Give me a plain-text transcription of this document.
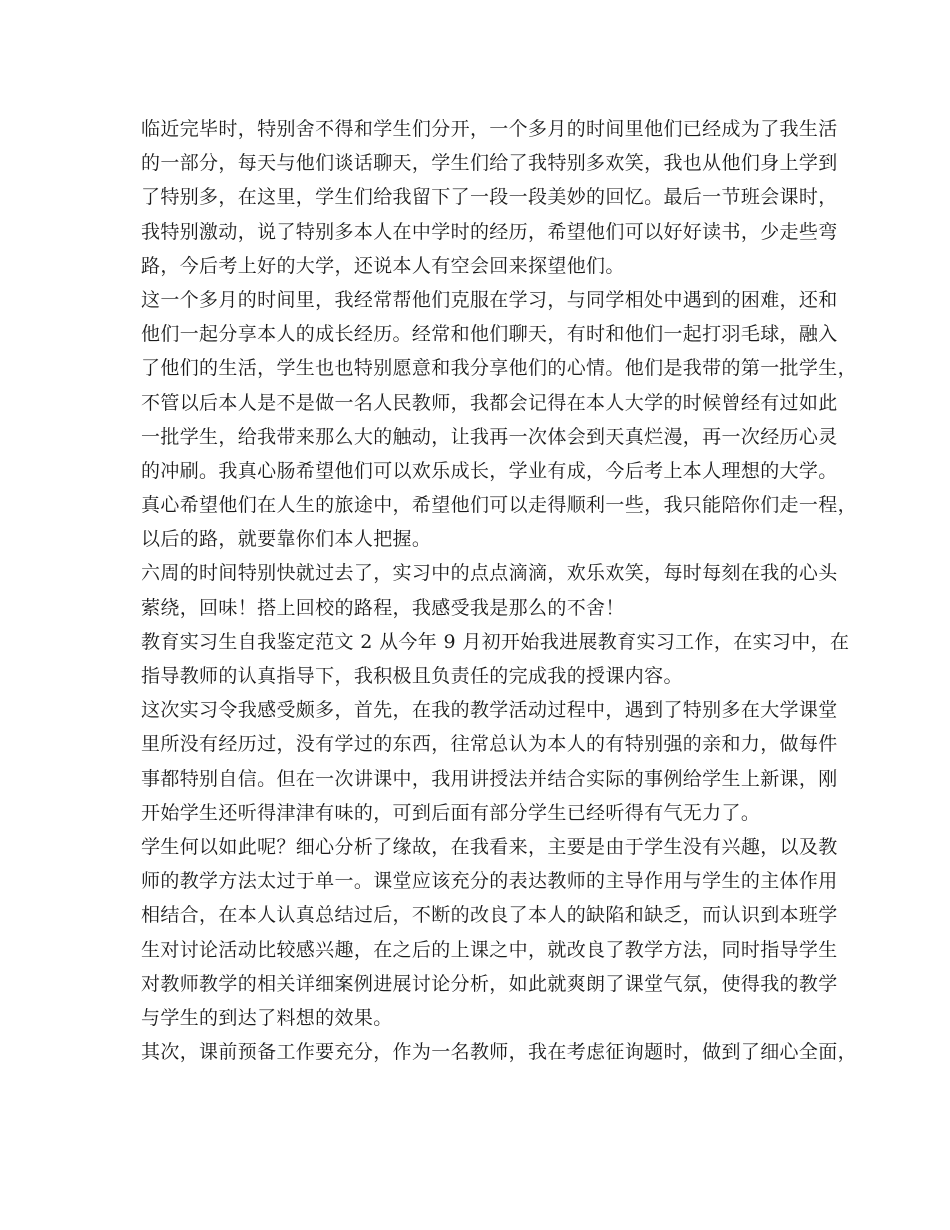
临近完毕时，特别舍不得和学生们分开，一个多月的时间里他们已经成为了我生活
的一部分，每天与他们谈话聊天，学生们给了我特别多欢笑，我也从他们身上学到
了特别多，在这里，学生们给我留下了一段一段美妙的回忆。最后一节班会课时，
我特别激动，说了特别多本人在中学时的经历，希望他们可以好好读书，少走些弯
路，今后考上好的大学，还说本人有空会回来探望他们。
这一个多月的时间里，我经常帮他们克服在学习，与同学相处中遇到的困难，还和
他们一起分享本人的成长经历。经常和他们聊天，有时和他们一起打羽毛球，融入
了他们的生活，学生也也特别愿意和我分享他们的心情。他们是我带的第一批学生，
不管以后本人是不是做一名人民教师，我都会记得在本人大学的时候曾经有过如此
一批学生，给我带来那么大的触动，让我再一次体会到天真烂漫，再一次经历心灵
的冲刷。我真心肠希望他们可以欢乐成长，学业有成，今后考上本人理想的大学。
真心希望他们在人生的旅途中，希望他们可以走得顺利一些，我只能陪你们走一程，
以后的路，就要靠你们本人把握。
六周的时间特别快就过去了，实习中的点点滴滴，欢乐欢笑，每时每刻在我的心头
萦绕，回味！搭上回校的路程，我感受我是那么的不舍！
教育实习生自我鉴定范文 2 从今年 9 月初开始我进展教育实习工作，在实习中，在
指导教师的认真指导下，我积极且负责任的完成我的授课内容。
这次实习令我感受颇多，首先，在我的教学活动过程中，遇到了特别多在大学课堂
里所没有经历过，没有学过的东西，往常总认为本人的有特别强的亲和力，做每件
事都特别自信。但在一次讲课中，我用讲授法并结合实际的事例给学生上新课，刚
开始学生还听得津津有味的，可到后面有部分学生已经听得有气无力了。
学生何以如此呢？细心分析了缘故，在我看来，主要是由于学生没有兴趣，以及教
师的教学方法太过于单一。课堂应该充分的表达教师的主导作用与学生的主体作用
相结合，在本人认真总结过后，不断的改良了本人的缺陷和缺乏，而认识到本班学
生对讨论活动比较感兴趣，在之后的上课之中，就改良了教学方法，同时指导学生
对教师教学的相关详细案例进展讨论分析，如此就爽朗了课堂气氛，使得我的教学
与学生的到达了料想的效果。
其次，课前预备工作要充分，作为一名教师，我在考虑征询题时，做到了细心全面，
